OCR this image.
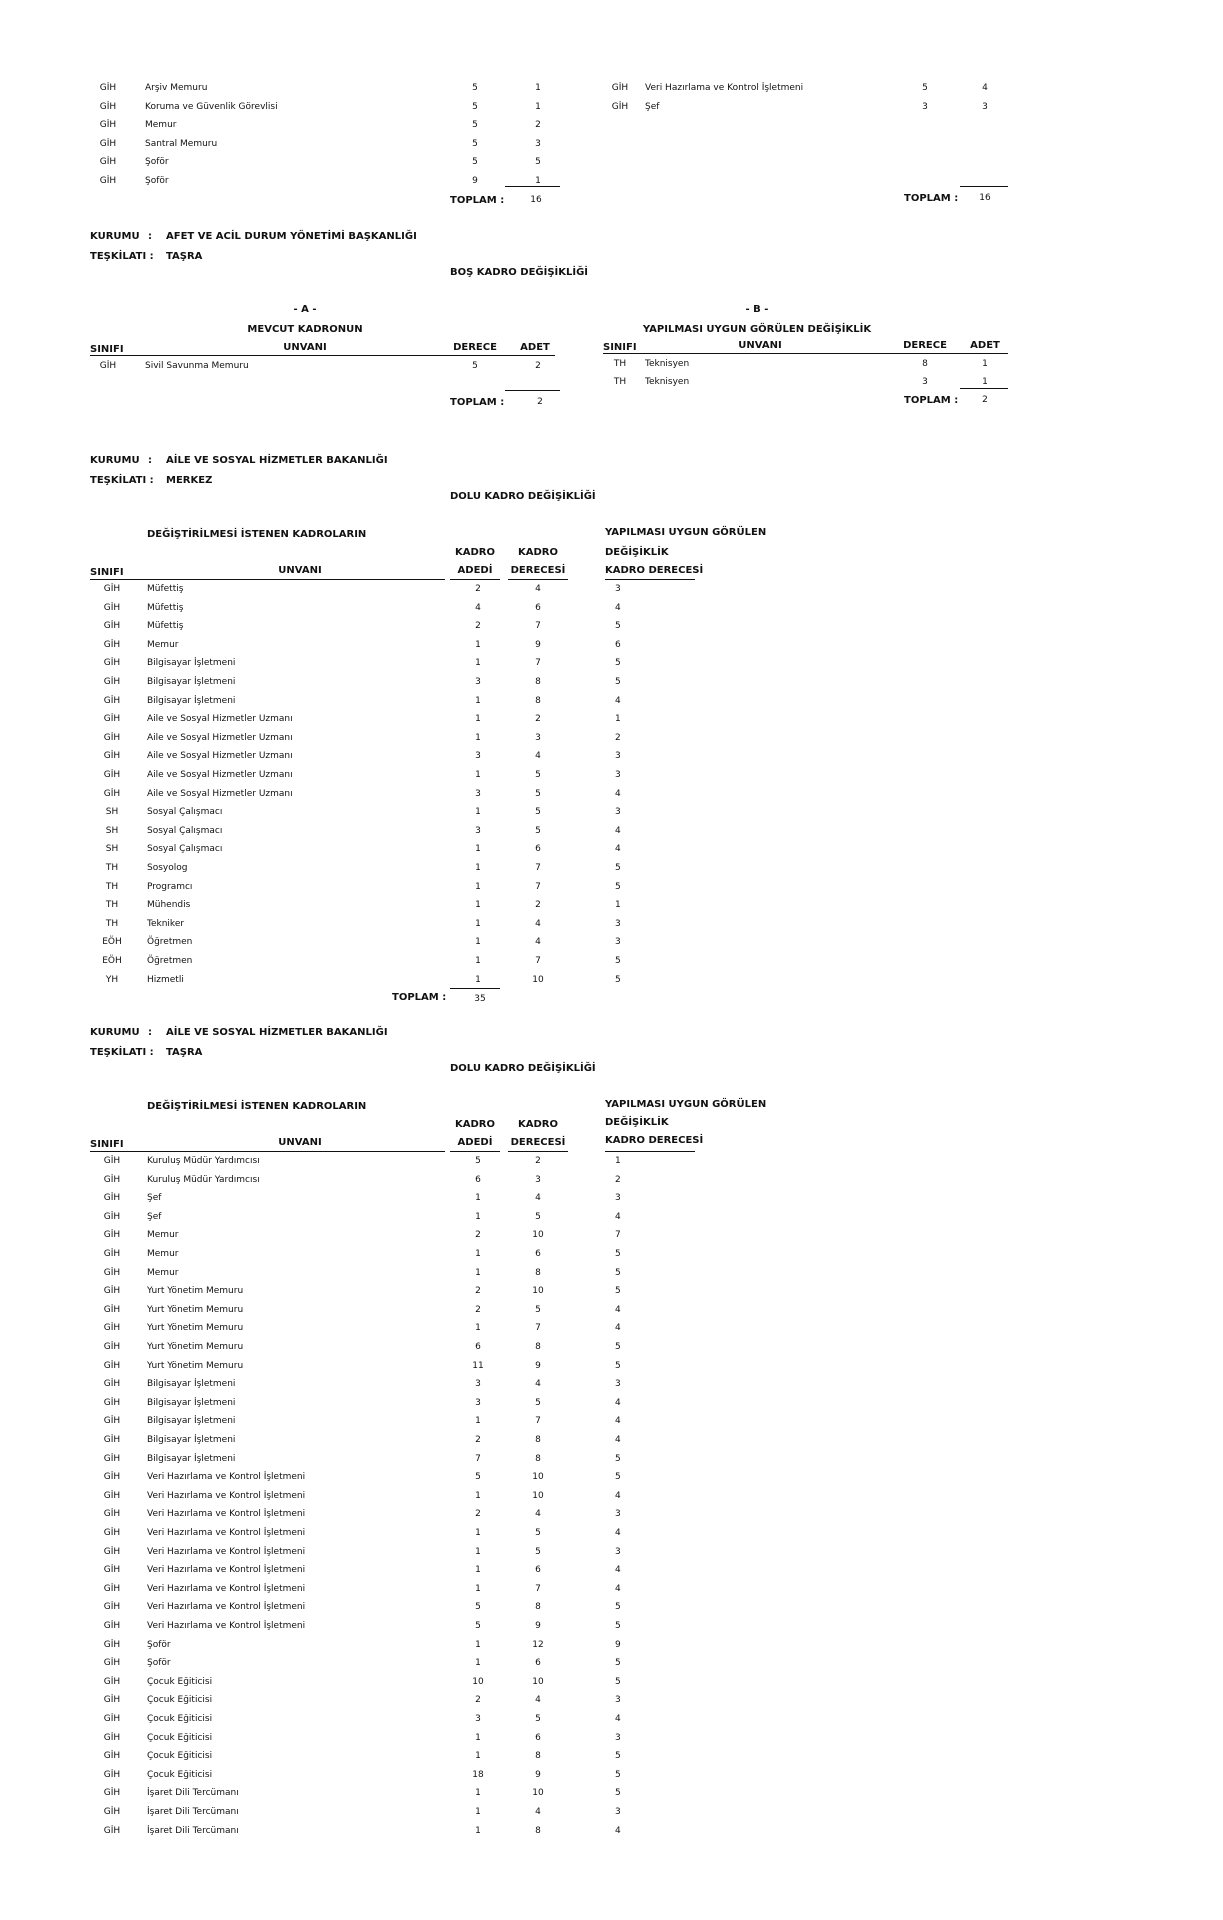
GİH	Arşiv Memuru	5	1
GİH	Koruma ve Güvenlik Görevlisi	5	1
GİH	Memur	5	2
GİH	Santral Memuru	5	3
GİH	Şoför	5	5
GİH	Şoför	9	1
GİH Veri Hazırlama ve Kontrol İşletmeni	5	4
GİH Şef	3	3
TOPLAM :	16	TOPLAM : 16
KURUMU : AFET VE ACİL DURUM YÖNETİMİ BAŞKANLIĞI
TEŞKİLATI : TAŞRA
BOŞ KADRO DEĞİŞİKLİĞİ
- A -
MEVCUT KADRONUN
SINIFI	UNVANI	DERECE ADET
GİH	Sivil Savunma Memuru	5	2
TOPLAM :	2
- B -
YAPILMASI UYGUN GÖRÜLEN DEĞİŞİKLİK
SINIFI	UNVANI	DERECE ADET
TH Teknisyen	8	1
TH Teknisyen	3	1
TOPLAM :	2
KURUMU : AİLE VE SOSYAL HİZMETLER BAKANLIĞI
TEŞKİLATI : MERKEZ
DOLU KADRO DEĞİŞİKLİĞİ
DEĞİŞTİRİLMESİ İSTENEN KADROLARIN	YAPILMASI UYGUN GÖRÜLEN
DEĞİŞİKLİK
KADRO DERECESİ
KADRO
ADEDİ
KADRO
DERECESİ
SINIFI	UNVANI
GİH	Müfettiş	2	4	3
GİH	Müfettiş	4	6	4
GİH	Müfettiş	2	7	5
GİH	Memur	1	9	6
GİH	Bilgisayar İşletmeni	1	7	5
GİH	Bilgisayar İşletmeni	3	8	5
GİH	Bilgisayar İşletmeni	1	8	4
GİH	Aile ve Sosyal Hizmetler Uzmanı	1	2	1
GİH	Aile ve Sosyal Hizmetler Uzmanı	1	3	2
GİH	Aile ve Sosyal Hizmetler Uzmanı	3	4	3
GİH	Aile ve Sosyal Hizmetler Uzmanı	1	5	3
GİH	Aile ve Sosyal Hizmetler Uzmanı	3	5	4
SH	Sosyal Çalışmacı	1	5	3
SH	Sosyal Çalışmacı	3	5	4
SH	Sosyal Çalışmacı	1	6	4
TH	Sosyolog	1	7	5
TH	Programcı	1	7	5
TH	Mühendis	1	2	1
TH	Tekniker	1	4	3
EÖH	Öğretmen	1	4	3
EÖH	Öğretmen	1	7	5
YH	Hizmetli	1	10	5
TOPLAM :	35
KURUMU : AİLE VE SOSYAL HİZMETLER BAKANLIĞI
TEŞKİLATI : TAŞRA
DOLU KADRO DEĞİŞİKLİĞİ
DEĞİŞTİRİLMESİ İSTENEN KADROLARIN	YAPILMASI UYGUN GÖRÜLEN
DEĞİŞİKLİK
KADRO DERECESİ
KADRO
ADEDİ
KADRO
DERECESİ
SINIFI	UNVANI
GİH	Kuruluş Müdür Yardımcısı	5	2	1
GİH	Kuruluş Müdür Yardımcısı	6	3	2
GİH	Şef	1	4	3
GİH	Şef	1	5	4
GİH	Memur	2	10	7
GİH	Memur	1	6	5
GİH	Memur	1	8	5
GİH	Yurt Yönetim Memuru	2	10	5
GİH	Yurt Yönetim Memuru	2	5	4
GİH	Yurt Yönetim Memuru	1	7	4
GİH	Yurt Yönetim Memuru	6	8	5
GİH	Yurt Yönetim Memuru	11	9	5
GİH	Bilgisayar İşletmeni	3	4	3
GİH	Bilgisayar İşletmeni	3	5	4
GİH	Bilgisayar İşletmeni	1	7	4
GİH	Bilgisayar İşletmeni	2	8	4
GİH	Bilgisayar İşletmeni	7	8	5
GİH	Veri Hazırlama ve Kontrol İşletmeni	5	10	5
GİH	Veri Hazırlama ve Kontrol İşletmeni	1	10	4
GİH	Veri Hazırlama ve Kontrol İşletmeni	2	4	3
GİH	Veri Hazırlama ve Kontrol İşletmeni	1	5	4
GİH	Veri Hazırlama ve Kontrol İşletmeni	1	5	3
GİH	Veri Hazırlama ve Kontrol İşletmeni	1	6	4
GİH	Veri Hazırlama ve Kontrol İşletmeni	1	7	4
GİH	Veri Hazırlama ve Kontrol İşletmeni	5	8	5
GİH	Veri Hazırlama ve Kontrol İşletmeni	5	9	5
GİH	Şoför	1	12	9
GİH	Şoför	1	6	5
GİH	Çocuk Eğiticisi	10	10	5
GİH	Çocuk Eğiticisi	2	4	3
GİH	Çocuk Eğiticisi	3	5	4
GİH	Çocuk Eğiticisi	1	6	3
GİH	Çocuk Eğiticisi	1	8	5
GİH	Çocuk Eğiticisi	18	9	5
GİH	İşaret Dili Tercümanı	1	10	5
GİH	İşaret Dili Tercümanı	1	4	3
GİH	İşaret Dili Tercümanı	1	8	4
